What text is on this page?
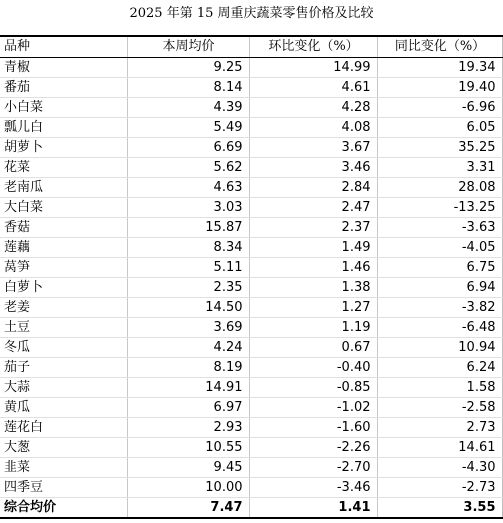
2025 年第 15 周重庆蔬菜零售价格及比较
品种	本周均价	环比变化（%）	同比变化（%）
青椒	9.25	14.99	19.34
番茄	8.14	4.61	19.40
小白菜	4.39	4.28	-6.96
瓢儿白	5.49	4.08	6.05
胡萝卜	6.69	3.67	35.25
花菜	5.62	3.46	3.31
老南瓜	4.63	2.84	28.08
大白菜	3.03	2.47	-13.25
香菇	15.87	2.37	-3.63
莲藕	8.34	1.49	-4.05
莴笋	5.11	1.46	6.75
白萝卜	2.35	1.38	6.94
老姜	14.50	1.27	-3.82
土豆	3.69	1.19	-6.48
冬瓜	4.24	0.67	10.94
茄子	8.19	-0.40	6.24
大蒜	14.91	-0.85	1.58
黄瓜	6.97	-1.02	-2.58
莲花白	2.93	-1.60	2.73
大葱	10.55	-2.26	14.61
韭菜	9.45	-2.70	-4.30
四季豆	10.00	-3.46	-2.73
综合均价	7.47	1.41	3.55
